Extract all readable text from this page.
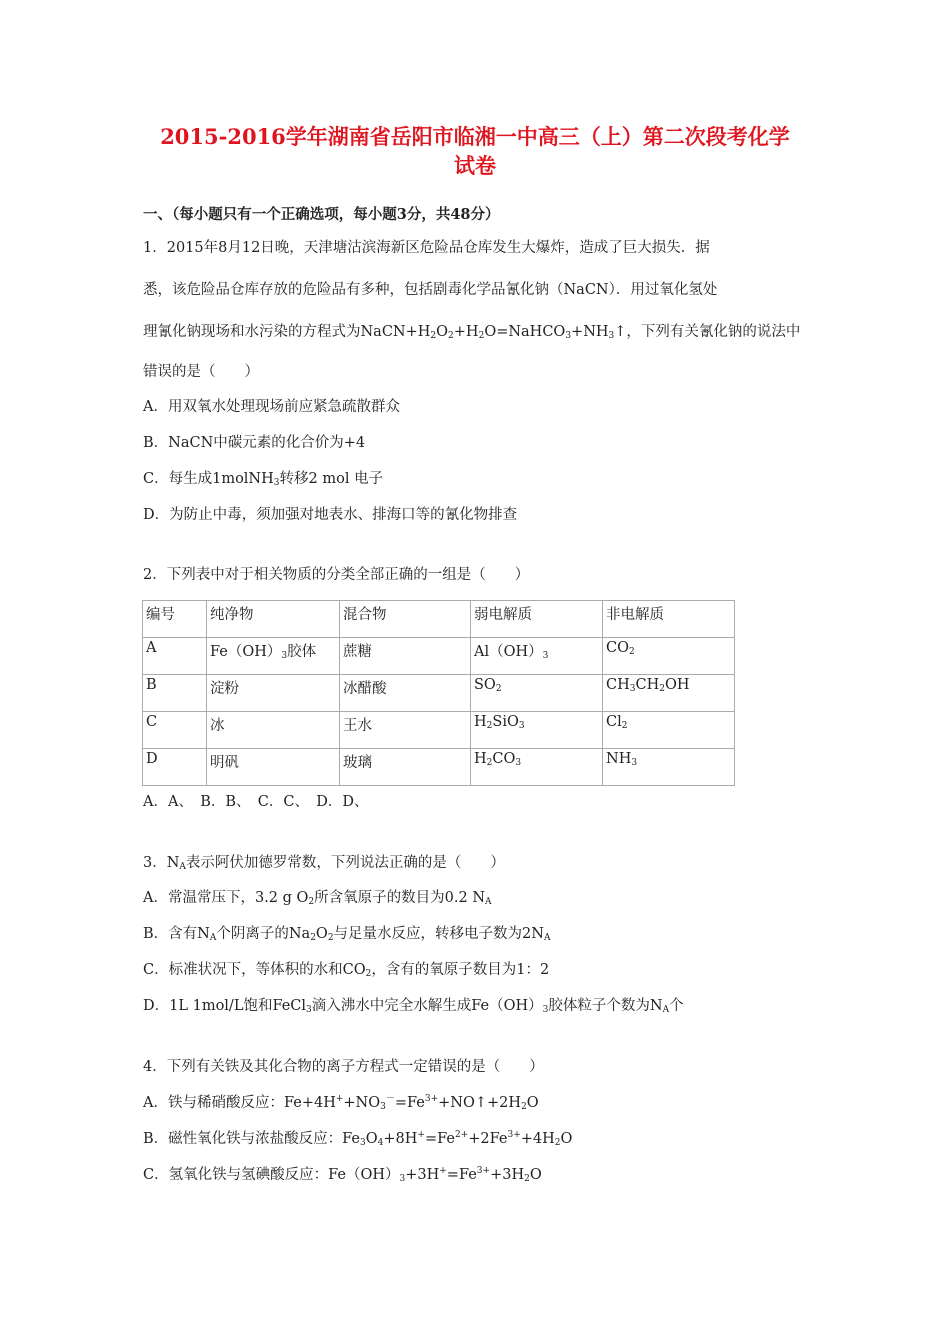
2015-2016学年湖南省岳阳市临湘一中高三（上）第二次段考化学
试卷
一、（每小题只有一个正确选项，每小题3分，共48分）
1．2015年8月12日晚，天津塘沽滨海新区危险品仓库发生大爆炸，造成了巨大损失．据
悉，该危险品仓库存放的危险品有多种，包括剧毒化学品氰化钠（NaCN）．用过氧化氢处
理氰化钠现场和水污染的方程式为$NaCN+H_2O_2+H_2O=NaHCO_3+NH_3↑$，下列有关氰化钠的说法中
错误的是（　　）
A．用双氧水处理现场前应紧急疏散群众
B．NaCN中碳元素的化合价为+4
C．每生成1molNH$_3$转移2 mol 电子
D．为防止中毒，须加强对地表水、排海口等的氰化物排查
2．下列表中对于相关物质的分类全部正确的一组是（　　）
编号	纯净物	混合物	弱电解质	非电解质
A	$Fe(OH)_3$胶体	蔗糖	$Al(OH)_3$	$CO_2$
B	淀粉	冰醋酸	$SO_2$	$CH_3CH_2OH$
C	冰	王水	$H_2SiO_3$	$Cl_2$
D	明矾	玻璃	$H_2CO_3$	$NH_3$
A．A、　B．B、　C．C、　D．D、
3．$N_A$表示阿伏加德罗常数，下列说法正确的是（　　）
A．常温常压下，3.2 g $O_2$所含氧原子的数目为0.2 $N_A$
B．含有$N_A$个阴离子的$Na_2O_2$与足量水反应，转移电子数为$2N_A$
C．标准状况下，等体积的水和$CO_2$，含有的氧原子数目为1：2
D．1L 1mol/L饱和FeCl$_3$滴入沸水中完全水解生成$Fe(OH)_3$胶体粒子个数为$N_A$个
4．下列有关铁及其化合物的离子方程式一定错误的是（　　）
A．铁与稀硝酸反应：$Fe+4H^++NO_3^-=Fe^{3+}+NO↑+2H_2O$
B．磁性氧化铁与浓盐酸反应：$Fe_3O_4+8H^+=Fe^{2+}+2Fe^{3+}+4H_2O$
C．氢氧化铁与氢碘酸反应：$Fe(OH)_3+3H^+=Fe^{3+}+3H_2O$
